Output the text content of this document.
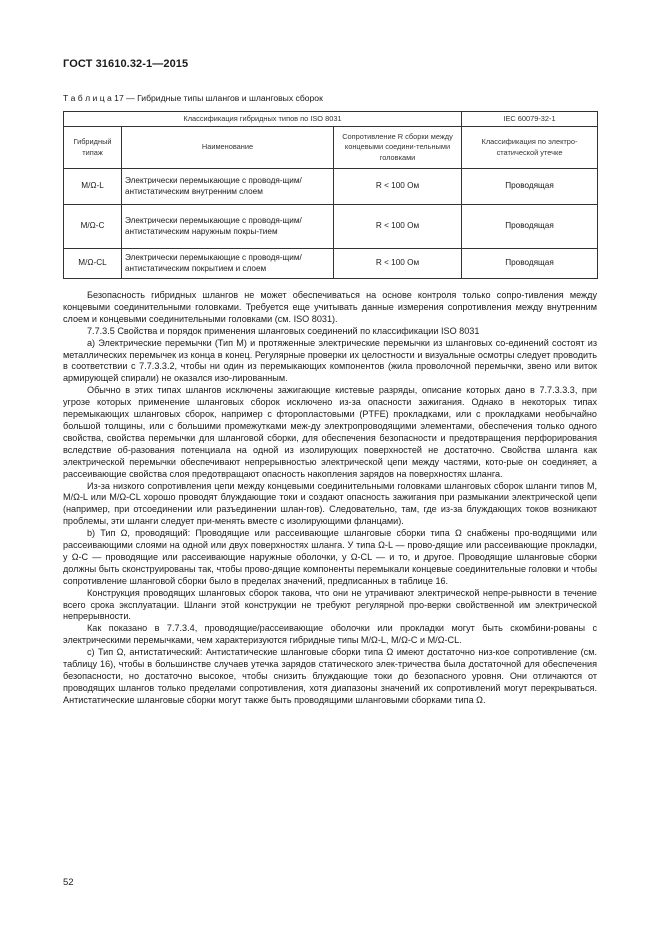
ГОСТ 31610.32-1—2015
Т а б л и ц а 17 — Гибридные типы шлангов и шланговых сборок
Классификация гибридных типов по ISO 8031			IEC 60079-32-1
Гибридный типаж	Наименование	Сопротивление R сборки между концевыми соедини-тельными головками	Классификация по электро-статической утечке
M/Ω-L	Электрически перемыкающие с проводя-щим/антистатическим внутренним слоем	R < 100 Ом	Проводящая
M/Ω-C	Электрически перемыкающие с проводя-щим/антистатическим наружным покры-тием	R < 100 Ом	Проводящая
M/Ω-CL	Электрически перемыкающие с проводя-щим/антистатическим покрытием и слоем	R < 100 Ом	Проводящая

Безопасность гибридных шлангов не может обеспечиваться на основе контроля только сопро-тивления между концевыми соединительными головками. Требуется еще учитывать данные измерения сопротивления между внутренним слоем и концевыми соединительными головками (см. ISO 8031).

7.7.3.5 Свойства и порядок применения шланговых соединений по классификации ISO 8031

а) Электрические перемычки (Тип M) и протяженные электрические перемычки из шланговых со-единений состоят из металлических перемычек из конца в конец. Регулярные проверки их целостности и визуальные осмотры следует проводить в соответствии с 7.7.3.3.2, чтобы ни один из перемыкающих компонентов (жила проволочной перемычки, звено или виток армирующей спирали) не оказался изо-лированным.

Обычно в этих типах шлангов исключены зажигающие кистевые разряды, описание которых дано в 7.7.3.3.3, при угрозе которых применение шланговых сборок исключено из-за опасности зажигания. Однако в некоторых типах перемыкающих шланговых сборок, например с фторопластовыми (PTFE) прокладками, или с прокладками необычайно большой толщины, или с большими промежутками меж-ду электропроводящими элементами, обеспечения только одного свойства, свойства перемычки для шланговой сборки, для обеспечения безопасности и предотвращения перфорирования вследствие об-разования потенциала на одной из изолирующих поверхностей не достаточно. Свойства шланга как электрической перемычки обеспечивают непрерывностью электрической цепи между частями, кото-рые он соединяет, а рассеивающие свойства слоя предотвращают опасность накопления зарядов на поверхностях шланга.

Из-за низкого сопротивления цепи между концевыми соединительными головками шланговых сборок шланги типов M, M/Ω-L или M/Ω-CL хорошо проводят блуждающие токи и создают опасность зажигания при размыкании электрической цепи (например, при отсоединении или разъединении шлан-гов). Следовательно, там, где из-за блуждающих токов возникают проблемы, эти шланги следует при-менять вместе с изолирующими фланцами).

b) Тип Ω, проводящий: Проводящие или рассеивающие шланговые сборки типа Ω снабжены про-водящими или рассеивающими слоями на одной или двух поверхностях шланга. У типа Ω-L — прово-дящие или рассеивающие прокладки, у Ω-C — проводящие или рассеивающие наружные оболочки, у Ω-CL — и то, и другое. Проводящие шланговые сборки должны быть сконструированы так, чтобы прово-дящие компоненты перемыкали концевые соединительные головки и чтобы сопротивление шланговой сборки было в пределах значений, предписанных в таблице 16.

Конструкция проводящих шланговых сборок такова, что они не утрачивают электрической непре-рывности в течение всего срока эксплуатации. Шланги этой конструкции не требуют регулярной про-верки свойственной им электрической непрерывности.

Как показано в 7.7.3.4, проводящие/рассеивающие оболочки или прокладки могут быть скомбини-рованы с электрическими перемычками, чем характеризуются гибридные типы M/Ω-L, M/Ω-C и M/Ω-CL.

c) Тип Ω, антистатический: Антистатические шланговые сборки типа Ω имеют достаточно низ-кое сопротивление (см. таблицу 16), чтобы в большинстве случаев утечка зарядов статического элек-тричества была достаточной для обеспечения безопасности, но достаточно высокое, чтобы снизить блуждающие токи до безопасного уровня. Они отличаются от проводящих шлангов только пределами сопротивления, хотя диапазоны значений их сопротивлений могут перекрываться. Антистатические шланговые сборки могут также быть проводящими шланговыми сборками типа Ω.

52
